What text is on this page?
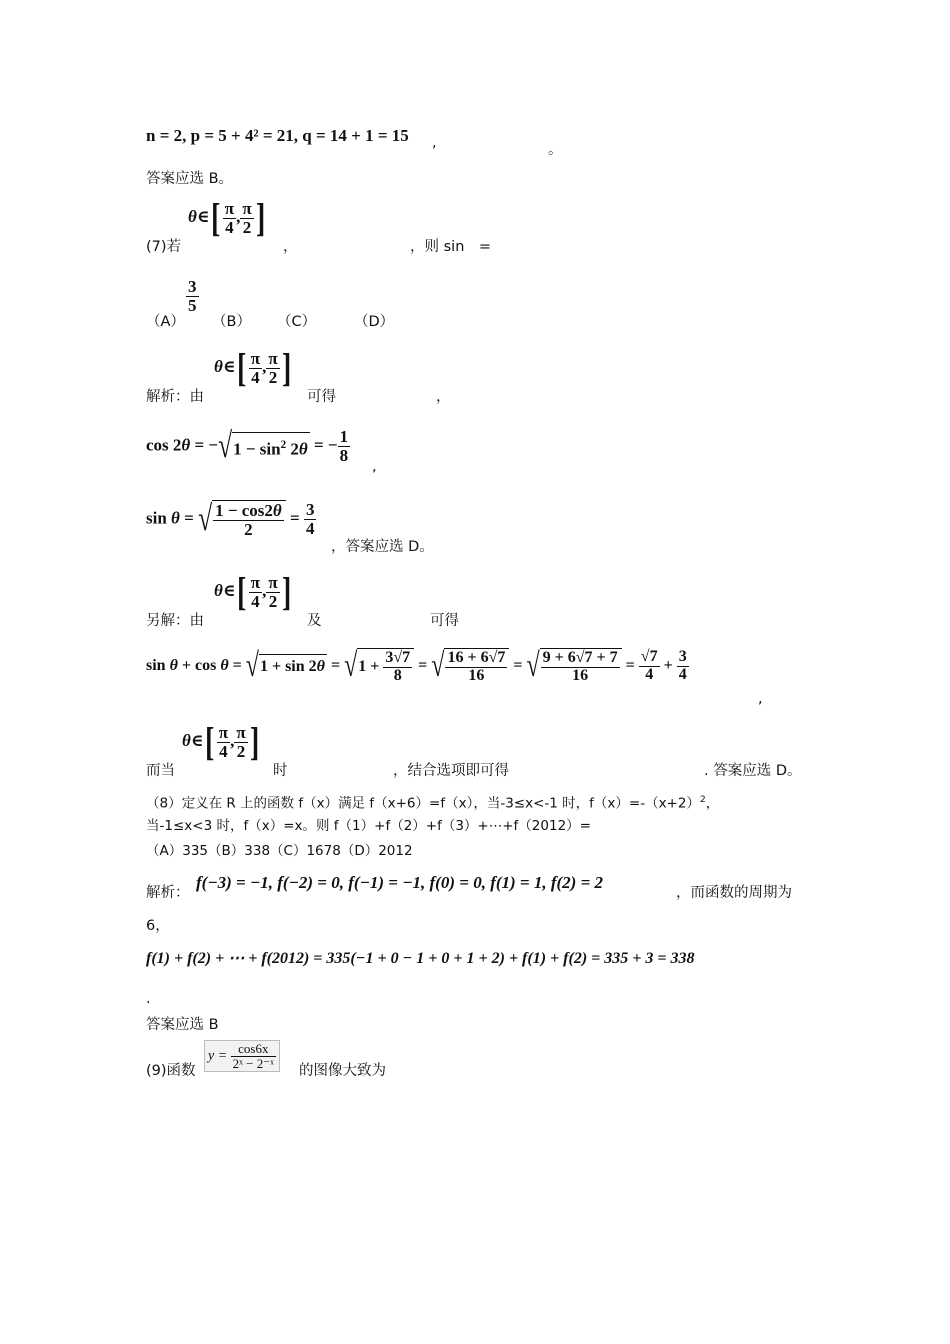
n = 2, p = 5 + 4² = 21, q = 14 + 1 = 15 ,	。
答案应选 B。
θ∈[ $\frac{\pi}{4}$ , $\frac{\pi}{2}$ ]
(7)若	，	，则 sin　=
（A）
$\frac{3}{5}$
（B） （C）	（D）
θ∈[ $\frac{\pi}{4}$ , $\frac{\pi}{2}$ ]
解析：由	可得	，
$\cos 2\theta = -√1 - \sin^2 2\theta$ = − $\frac{1}{8}$
,
sin θ = √ $\frac{1 - \cos 2\theta}{2} = \frac{3}{4}$
，答案应选 D。
θ∈[ $\frac{\pi}{4}$ , $\frac{\pi}{2}$ ]
另解：由	及	可得
$\sin \theta + \cos \theta = √1 + \sin 2\theta = √1 + \frac{3√7}{8}$ = √ $\frac{16 + 6√7}{16}$ = √ $\frac{9 + 6√7 + 7}{16} = \frac{√7}{4} + \frac{3}{4}$
,
θ∈[ $\frac{\pi}{4}$ , $\frac{\pi}{2}$ ]
而当	时	，结合选项即可得	. 答案应选 D。
（8）定义在 R 上的函数 f（x）满足 f（x+6）=f（x），当-3≤x<-1 时，$f(x)=-(x+2)^2$，
当-1≤x<3 时，f（x）=x。则 f（1）+f（2）+f（3）+⋯+f（2012）=
（A）335（B）338（C）1678（D）2012
解析：
f(−3) = −1, f(−2) = 0, f(−1) = −1, f(0) = 0, f(1) = 1, f(2) = 2
，而函数的周期为
6，
f(1) + f(2) + ⋯ + f(2012) = 335(−1 + 0 − 1 + 0 + 1 + 2) + f(1) + f(2) = 335 + 3 = 338
.
答案应选 B
(9)函数
$y = \frac{\cos 6x}{\text{2ˣ − 2⁻ˣ}}$
的图像大致为
